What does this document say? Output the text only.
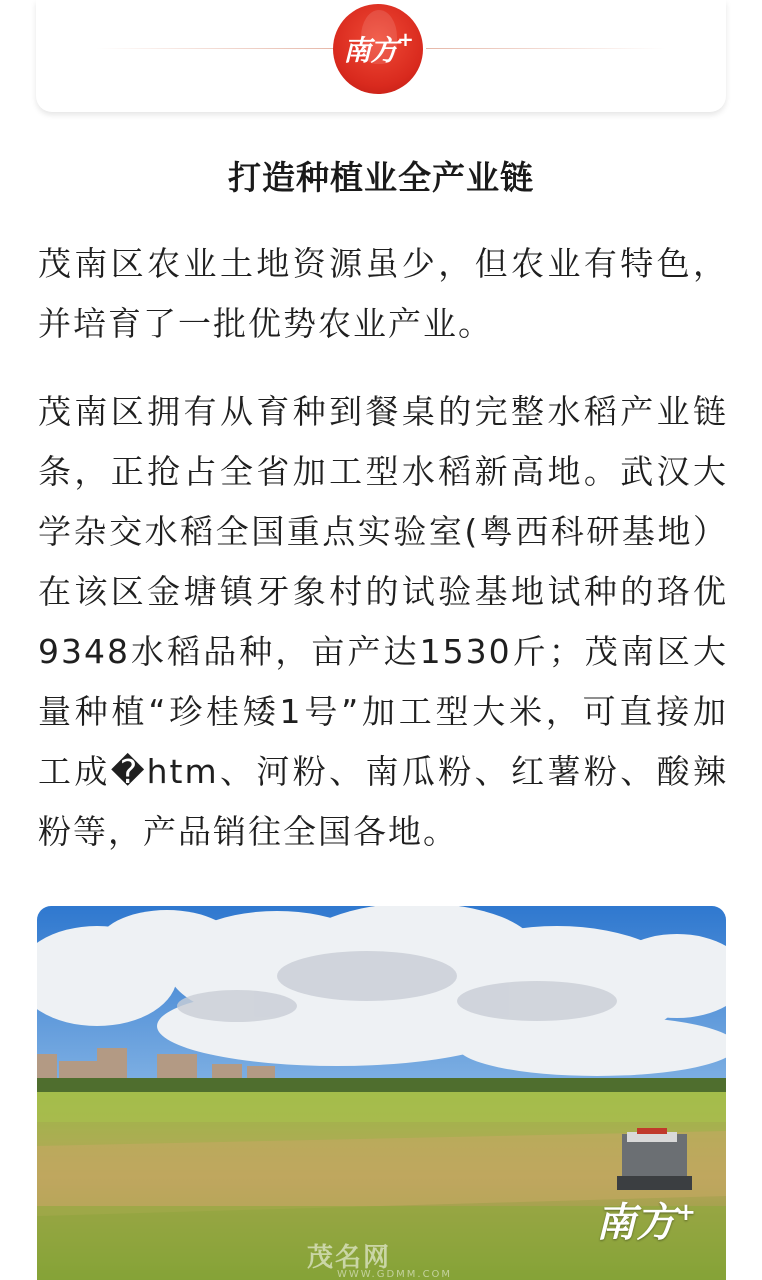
南方 +
打造种植业全产业链
茂南区农业土地资源虽少，但农业有特色，并培育了一批优势农业产业。
茂南区拥有从育种到餐桌的完整水稻产业链条，正抢占全省加工型水稻新高地。武汉大学杂交水稻全国重点实验室(粤西科研基地）在该区金塘镇牙象村的试验基地试种的珞优9348水稻品种，亩产达1530斤；茂南区大量种植“珍桂矮1号”加工型大米，可直接加工成�htm、河粉、南瓜粉、红薯粉、酸辣粉等，产品销往全国各地。
南方+
茂名网
WWW.GDMM.COM
